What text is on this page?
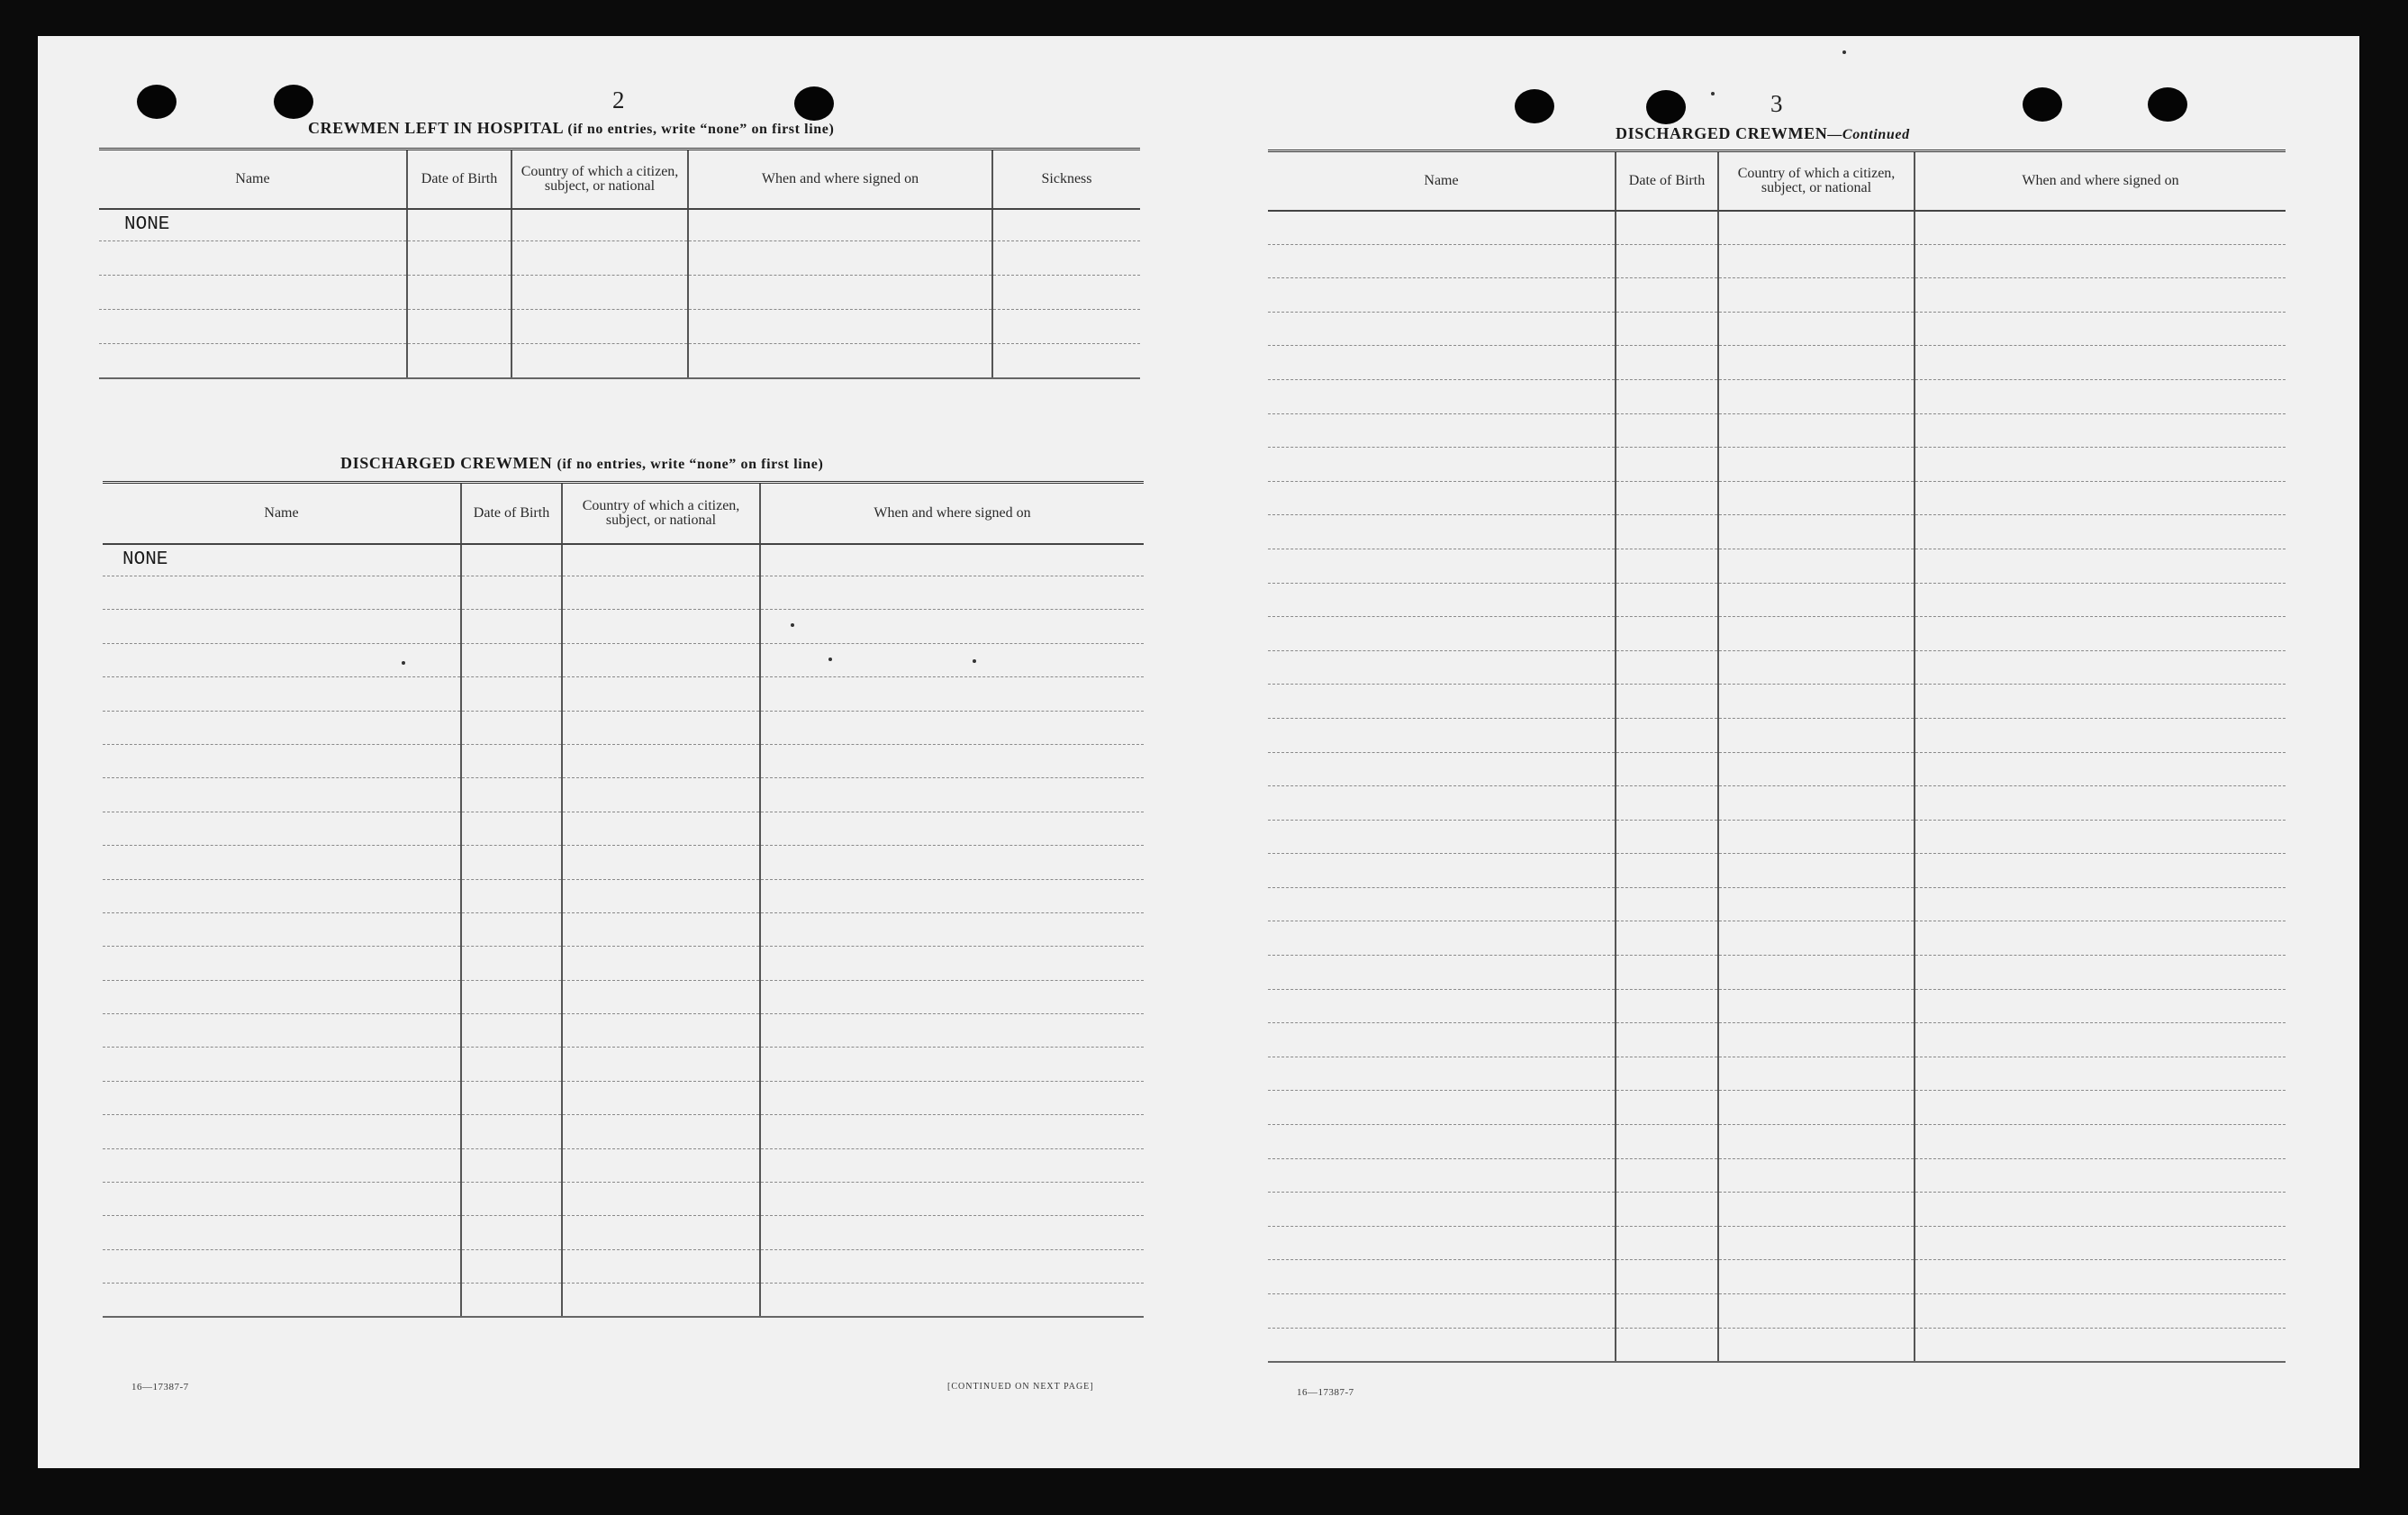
2
CREWMEN LEFT IN HOSPITAL (if no entries, write “none” on first line)
Name	Date of Birth	Country of which a citizen, subject, or national	When and where signed on	Sickness
NONE				

DISCHARGED CREWMEN (if no entries, write “none” on first line)
Name	Date of Birth	Country of which a citizen, subject, or national	When and where signed on
NONE			

16—17387-7	[CONTINUED ON NEXT PAGE]
3
DISCHARGED CREWMEN—Continued
Name	Date of Birth	Country of which a citizen, subject, or national	When and where signed on

16—17387-7
